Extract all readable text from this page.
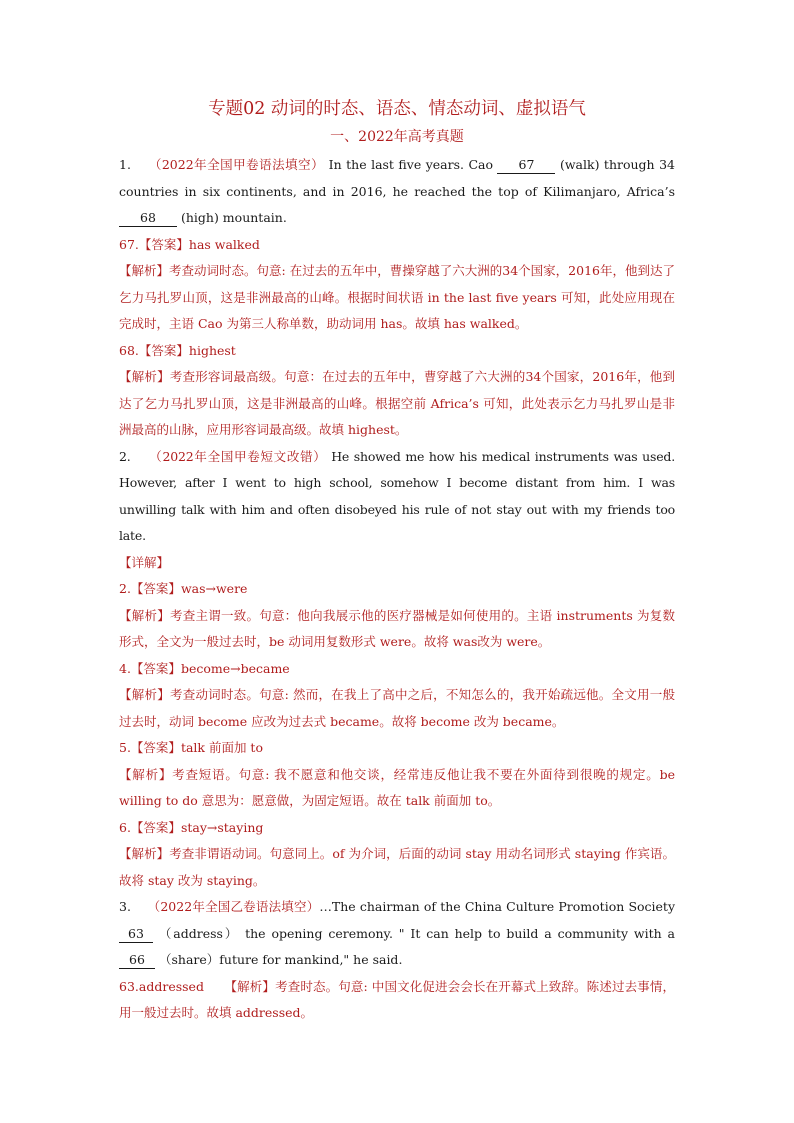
专题02 动词的时态、语态、情态动词、虚拟语气
一、2022年高考真题

1. （2022年全国甲卷语法填空） In the last five years. Cao 67 (walk) through 34 countries in six continents, and in 2016, he reached the top of Kilimanjaro, Africa’s 68 (high) mountain.

67.【答案】has walked

【解析】考查动词时态。句意: 在过去的五年中，曹操穿越了六大洲的34个国家，2016年，他到达了乞力马扎罗山顶，这是非洲最高的山峰。根据时间状语 in the last five years 可知，此处应用现在完成时，主语 Cao 为第三人称单数，助动词用 has。故填 has walked。

68.【答案】highest

【解析】考查形容词最高级。句意：在过去的五年中，曹穿越了六大洲的34个国家，2016年，他到达了乞力马扎罗山顶，这是非洲最高的山峰。根据空前 Africa’s 可知，此处表示乞力马扎罗山是非洲最高的山脉，应用形容词最高级。故填 highest。

2. （2022年全国甲卷短文改错） He showed me how his medical instruments was used. However, after I went to high school, somehow I become distant from him. I was unwilling talk with him and often disobeyed his rule of not stay out with my friends too late.

【详解】

2.【答案】was→were

【解析】考查主谓一致。句意：他向我展示他的医疗器械是如何使用的。主语 instruments 为复数形式，全文为一般过去时，be 动词用复数形式 were。故将 was改为 were。

4.【答案】become→became

【解析】考查动词时态。句意: 然而，在我上了高中之后，不知怎么的，我开始疏远他。全文用一般过去时，动词 become 应改为过去式 became。故将 become 改为 became。

5.【答案】talk 前面加 to

【解析】考查短语。句意: 我不愿意和他交谈，经常违反他让我不要在外面待到很晚的规定。be willing to do 意思为：愿意做，为固定短语。故在 talk 前面加 to。

6.【答案】stay→staying

【解析】考查非谓语动词。句意同上。of 为介词，后面的动词 stay 用动名词形式 staying 作宾语。故将 stay 改为 staying。

3. （2022年全国乙卷语法填空）…The chairman of the China Culture Promotion Society 63 （address） the opening ceremony. " It can help to build a community with a 66 （share）future for mankind," he said.

63.addressed 【解析】考查时态。句意: 中国文化促进会会长在开幕式上致辞。陈述过去事情，用一般过去时。故填 addressed。
